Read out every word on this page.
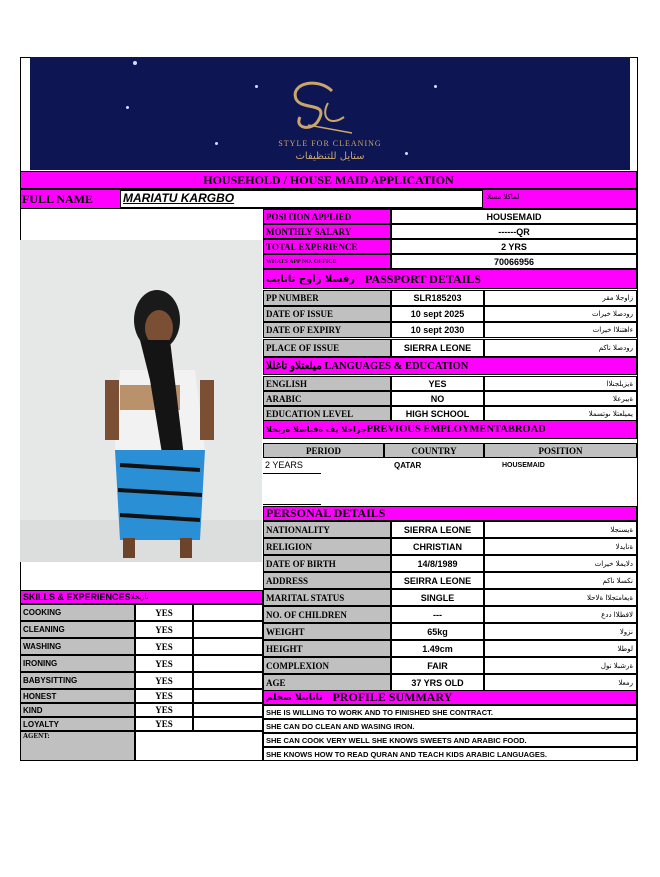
STYLE FOR CLEANING
ستايل للتنظيفات
HOUSEHOLD / HOUSE MAID APPLICATION
FULL NAME MARIATU KARGBO	لماكلا مسلا
POSITION APPLIED	HOUSEMAID
MONTHLY SALARY	------QR
TOTAL EXPERIENCE	2 YRS
WHATS APP NO. OFFICE	70066956
رفسلا زاوج تانايب PASSPORT DETAILS
PP NUMBER	SLR185203	زاوجلا مقر
DATE OF ISSUE	10 sept 2025	رودصلا خيرات
DATE OF EXPIRY	10 sept 2030	ءاهتنلاا خيرات
PLACE OF ISSUE	SIERRA LEONE	رودصلا ناكم
ميلعتلاو تاغللا LANGUAGES & EDUCATION
ENGLISH	YES	ةيزيلجنلاا
ARABIC	NO	ةيبرعلا
EDUCATION LEVEL	HIGH SCHOOL	يميلعتلا ىوتسملا
جراخلا يف ةقباسلا ةربخلا PREVIOUS EMPLOYMENTABROAD
PERIOD	COUNTRY	POSITION
2 YEARS	QATAR	HOUSEMAID
PERSONAL DETAILS
NATIONALITY	SIERRA LEONE	ةيسنجلا
RELIGION	CHRISTIAN	ةنايدلا
DATE OF BIRTH	14/8/1989	دلايملا خيرات
ADDRESS	SEIRRA LEONE	نكسلا ناكم
MARITAL STATUS	SINGLE	ةيعامتجلاا ةلاحلا
NO. OF CHILDREN	---	لافطلاا ددع
WEIGHT	65kg	نزولا
HEIGHT	1.49cm	لوطلا
COMPLEXION	FAIR	ةرشبلا نول
AGE	37 YRS OLD	رمعلا
SKILLS & EXPERIENCES تاربخلا
COOKING	YES
CLEANING	YES
WASHING	YES
IRONING	YES
BABYSITTING	YES
HONEST	YES
KIND	YES
LOYALTY	YES
AGENT:
تانايبلا صخلم PROFILE SUMMARY
SHE IS WILLING TO WORK AND TO FINISHED SHE CONTRACT.
SHE CAN DO CLEAN AND WASING IRON.
SHE CAN COOK VERY WELL SHE KNOWS SWEETS AND ARABIC FOOD.
SHE KNOWS HOW TO READ QURAN AND TEACH KIDS ARABIC LANGUAGES.
